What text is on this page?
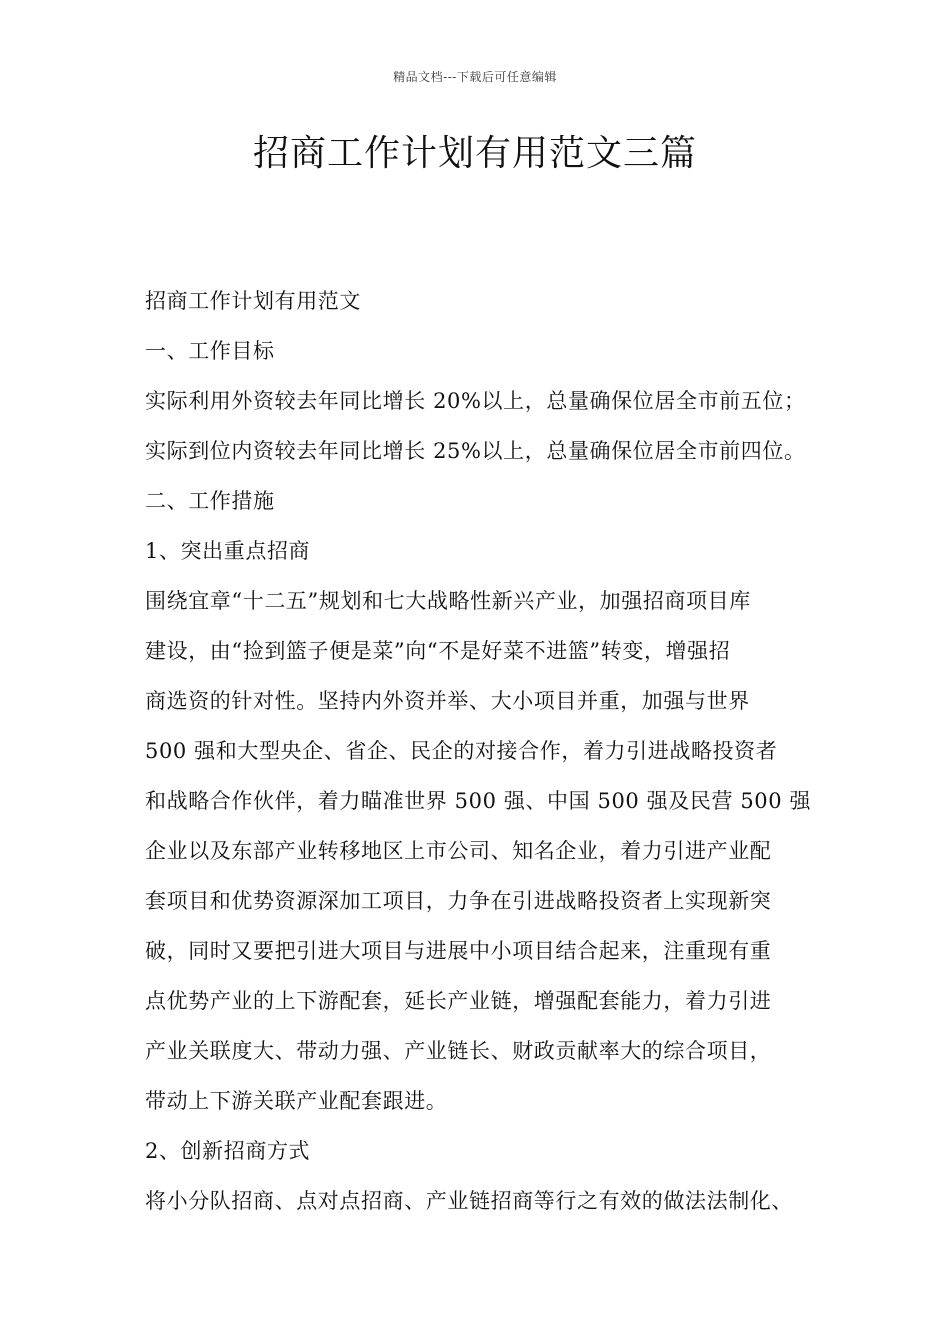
精品文档---下载后可任意编辑
招商工作计划有用范文三篇

招商工作计划有用范文

一、工作目标

实际利用外资较去年同比增长 20%以上，总量确保位居全市前五位；

实际到位内资较去年同比增长 25%以上，总量确保位居全市前四位。

二、工作措施

1、突出重点招商

围绕宜章“十二五”规划和七大战略性新兴产业，加强招商项目库

建设，由“捡到篮子便是菜”向“不是好菜不进篮”转变，增强招

商选资的针对性。坚持内外资并举、大小项目并重，加强与世界

500 强和大型央企、省企、民企的对接合作，着力引进战略投资者

和战略合作伙伴，着力瞄准世界 500 强、中国 500 强及民营 500 强

企业以及东部产业转移地区上市公司、知名企业，着力引进产业配

套项目和优势资源深加工项目，力争在引进战略投资者上实现新突

破，同时又要把引进大项目与进展中小项目结合起来，注重现有重

点优势产业的上下游配套，延长产业链，增强配套能力，着力引进

产业关联度大、带动力强、产业链长、财政贡献率大的综合项目，

带动上下游关联产业配套跟进。

2、创新招商方式

将小分队招商、点对点招商、产业链招商等行之有效的做法法制化、
